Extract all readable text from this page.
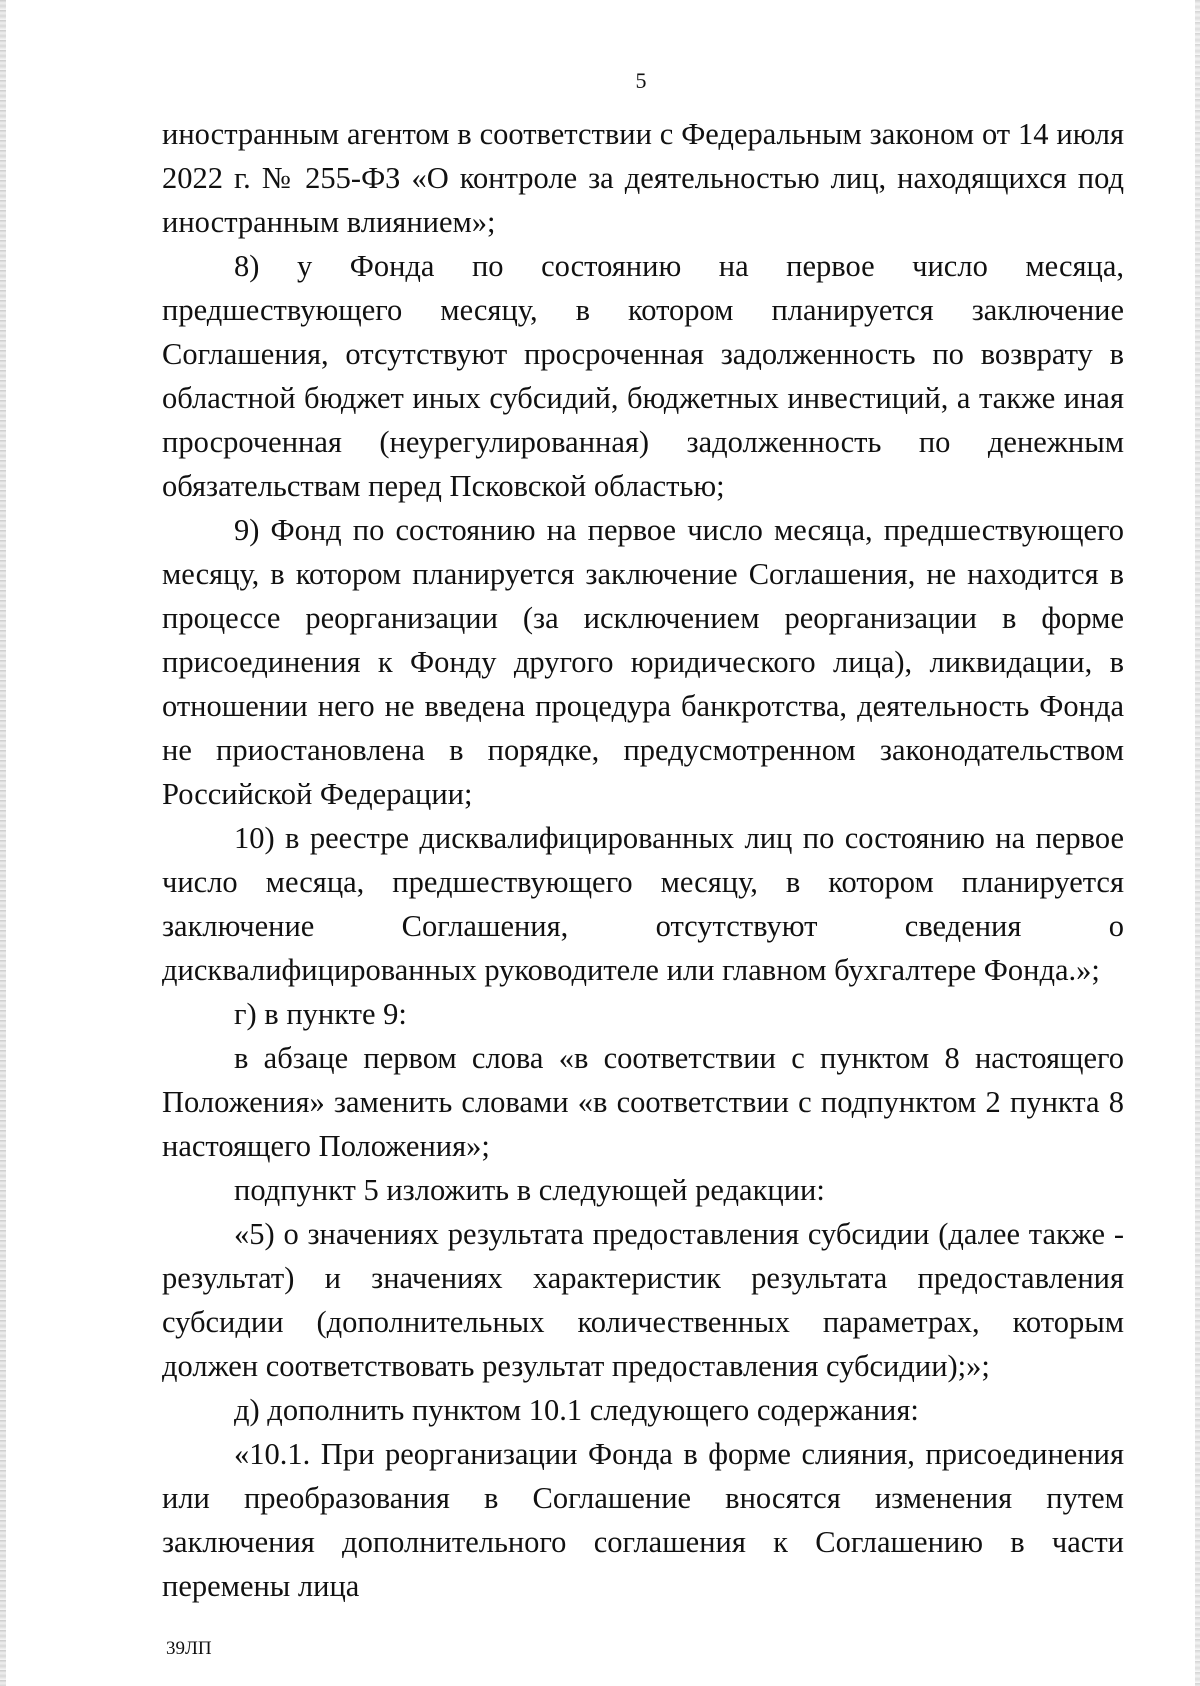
5

иностранным агентом в соответствии с Федеральным законом от 14 июля 2022 г. № 255-ФЗ «О контроле за деятельностью лиц, находящихся под иностранным влиянием»;

8) у Фонда по состоянию на первое число месяца, предшествующего месяцу, в котором планируется заключение Соглашения, отсутствуют просроченная задолженность по возврату в областной бюджет иных субсидий, бюджетных инвестиций, а также иная просроченная (неурегулированная) задолженность по денежным обязательствам перед Псковской областью;

9) Фонд по состоянию на первое число месяца, предшествующего месяцу, в котором планируется заключение Соглашения, не находится в процессе реорганизации (за исключением реорганизации в форме присоединения к Фонду другого юридического лица), ликвидации, в отношении него не введена процедура банкротства, деятельность Фонда не приостановлена в порядке, предусмотренном законодательством Российской Федерации;

10) в реестре дисквалифицированных лиц по состоянию на первое число месяца, предшествующего месяцу, в котором планируется заключение Соглашения, отсутствуют сведения о дисквалифицированных руководителе или главном бухгалтере Фонда.»;

г) в пункте 9:

в абзаце первом слова «в соответствии с пунктом 8 настоящего Положения» заменить словами «в соответствии с подпунктом 2 пункта 8 настоящего Положения»;

подпункт 5 изложить в следующей редакции:

«5) о значениях результата предоставления субсидии (далее также - результат) и значениях характеристик результата предоставления субсидии (дополнительных количественных параметрах, которым должен соответствовать результат предоставления субсидии);»;

д) дополнить пунктом 10.1 следующего содержания:

«10.1. При реорганизации Фонда в форме слияния, присоединения или преобразования в Соглашение вносятся изменения путем заключения дополнительного соглашения к Соглашению в части перемены лица

39ЛП
